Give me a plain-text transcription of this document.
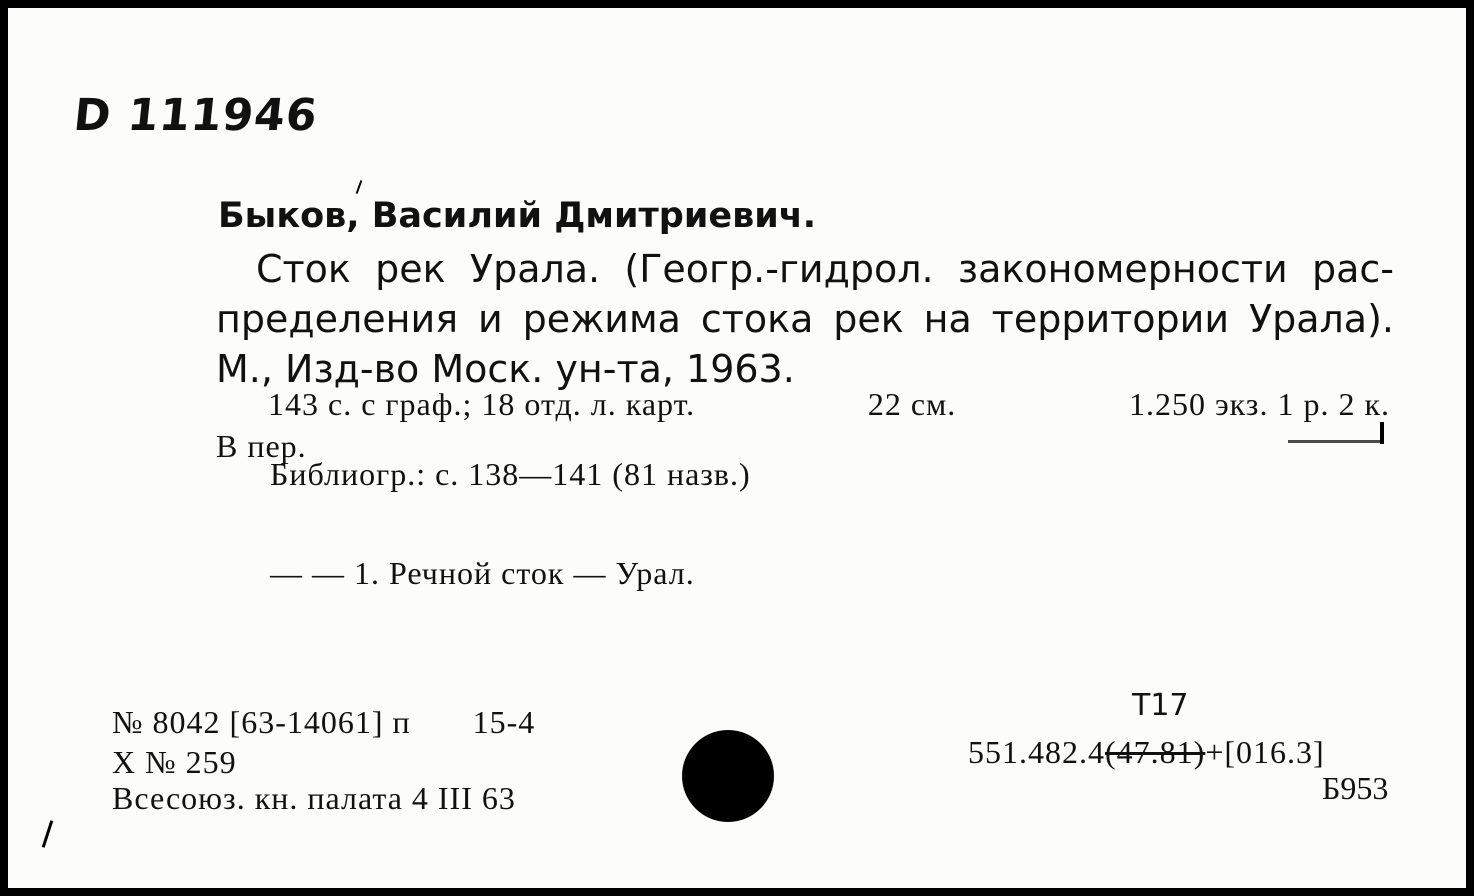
D 111946
Быков, Василий Дмитриевич.
Сток рек Урала. (Геогр.-гидрол. закономерности рас-
пределения и режима стока рек на территории Урала).
М., Изд-во Моск. ун-та, 1963.
143 с. с граф.; 18 отд. л. карт.	22 см.	1.250 экз. 1 р. 2 к.
В пер.
Библиогр.: с. 138—141 (81 назв.)
— — 1. Речной сток — Урал.
№ 8042 [63-14061] п 15-4
Х № 259
Всесоюз. кн. палата 4 III 63
Т17
551.482.4(47.81)+[016.3]
Б953
